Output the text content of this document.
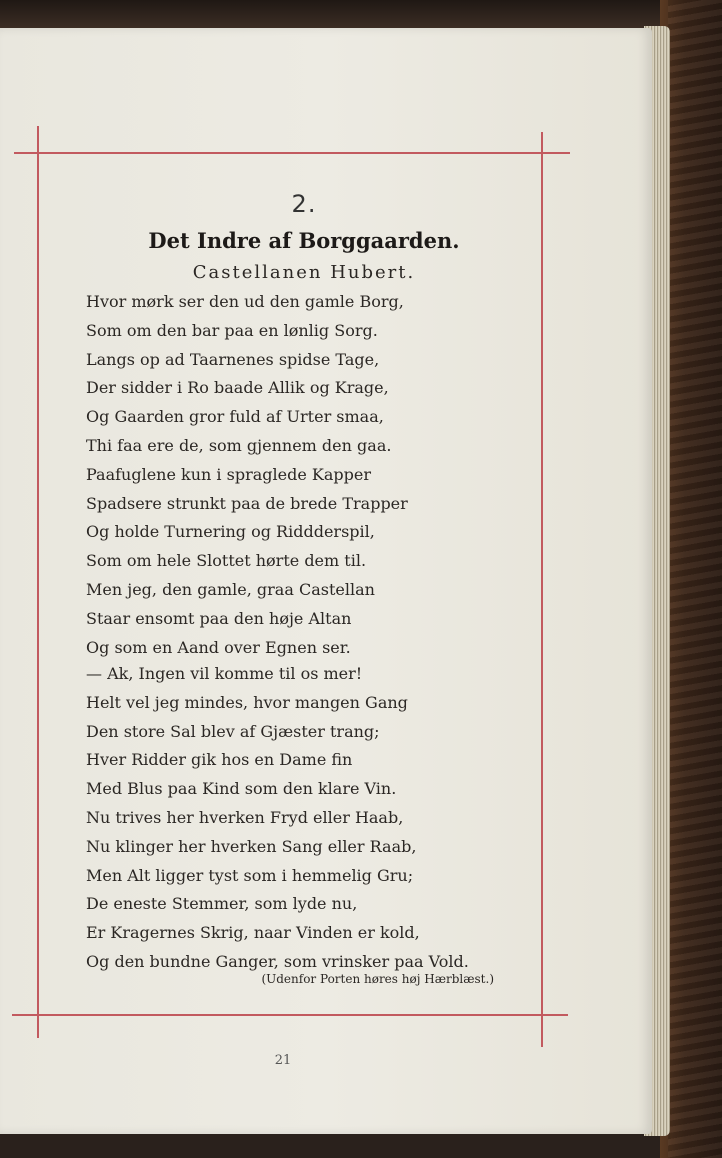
2.
Det Indre af Borggaarden.
Castellanen Hubert.
Hvor mørk ser den ud den gamle Borg,
Som om den bar paa en lønlig Sorg.
Langs op ad Taarnenes spidse Tage,
Der sidder i Ro baade Allik og Krage,
Og Gaarden gror fuld af Urter smaa,
Thi faa ere de, som gjennem den gaa.
Paafuglene kun i spraglede Kapper
Spadsere strunkt paa de brede Trapper
Og holde Turnering og Riddderspil,
Som om hele Slottet hørte dem til.
Men jeg, den gamle, graa Castellan
Staar ensomt paa den høje Altan
Og som en Aand over Egnen ser.
— Ak, Ingen vil komme til os mer!
Helt vel jeg mindes, hvor mangen Gang
Den store Sal blev af Gjæster trang;
Hver Ridder gik hos en Dame fin
Med Blus paa Kind som den klare Vin.
Nu trives her hverken Fryd eller Haab,
Nu klinger her hverken Sang eller Raab,
Men Alt ligger tyst som i hemmelig Gru;
De eneste Stemmer, som lyde nu,
Er Kragernes Skrig, naar Vinden er kold,
Og den bundne Ganger, som vrinsker paa Vold.
(Udenfor Porten høres høj Hærblæst.)
21
